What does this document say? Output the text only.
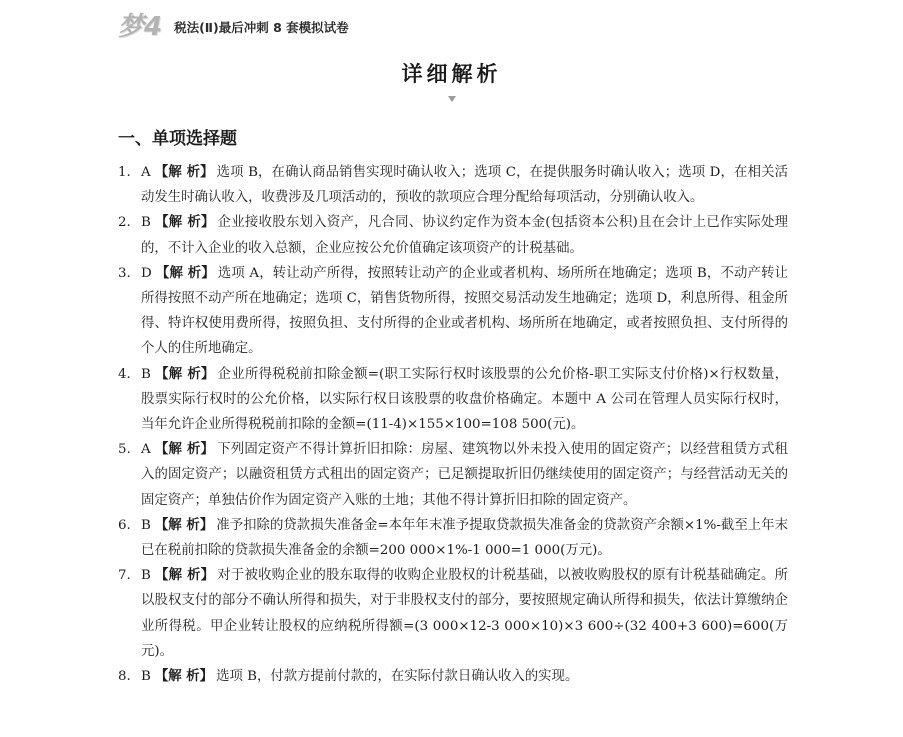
梦4 税法(Ⅱ)最后冲刺 8 套模拟试卷
详细解析
一、单项选择题
1. A 【解 析】 选项 B，在确认商品销售实现时确认收入；选项 C，在提供服务时确认收入；选项 D，在相关活动发生时确认收入，收费涉及几项活动的，预收的款项应合理分配给每项活动，分别确认收入。
2. B 【解 析】 企业接收股东划入资产，凡合同、协议约定作为资本金(包括资本公积)且在会计上已作实际处理的，不计入企业的收入总额，企业应按公允价值确定该项资产的计税基础。
3. D 【解 析】 选项 A，转让动产所得，按照转让动产的企业或者机构、场所所在地确定；选项 B，不动产转让所得按照不动产所在地确定；选项 C，销售货物所得，按照交易活动发生地确定；选项 D，利息所得、租金所得、特许权使用费所得，按照负担、支付所得的企业或者机构、场所所在地确定，或者按照负担、支付所得的个人的住所地确定。
4. B 【解 析】 企业所得税税前扣除金额=(职工实际行权时该股票的公允价格-职工实际支付价格)×行权数量，股票实际行权时的公允价格，以实际行权日该股票的收盘价格确定。本题中 A 公司在管理人员实际行权时，当年允许企业所得税税前扣除的金额=(11-4)×155×100=108 500(元)。
5. A 【解 析】 下列固定资产不得计算折旧扣除：房屋、建筑物以外未投入使用的固定资产；以经营租赁方式租入的固定资产；以融资租赁方式租出的固定资产；已足额提取折旧仍继续使用的固定资产；与经营活动无关的固定资产；单独估价作为固定资产入账的土地；其他不得计算折旧扣除的固定资产。
6. B 【解 析】 准予扣除的贷款损失准备金=本年年末准予提取贷款损失准备金的贷款资产余额×1%-截至上年末已在税前扣除的贷款损失准备金的余额=200 000×1%-1 000=1 000(万元)。
7. B 【解 析】 对于被收购企业的股东取得的收购企业股权的计税基础，以被收购股权的原有计税基础确定。所以股权支付的部分不确认所得和损失，对于非股权支付的部分，要按照规定确认所得和损失，依法计算缴纳企业所得税。甲企业转让股权的应纳税所得额=(3 000×12-3 000×10)×3 600÷(32 400+3 600)=600(万元)。
8. B 【解 析】 选项 B，付款方提前付款的，在实际付款日确认收入的实现。
